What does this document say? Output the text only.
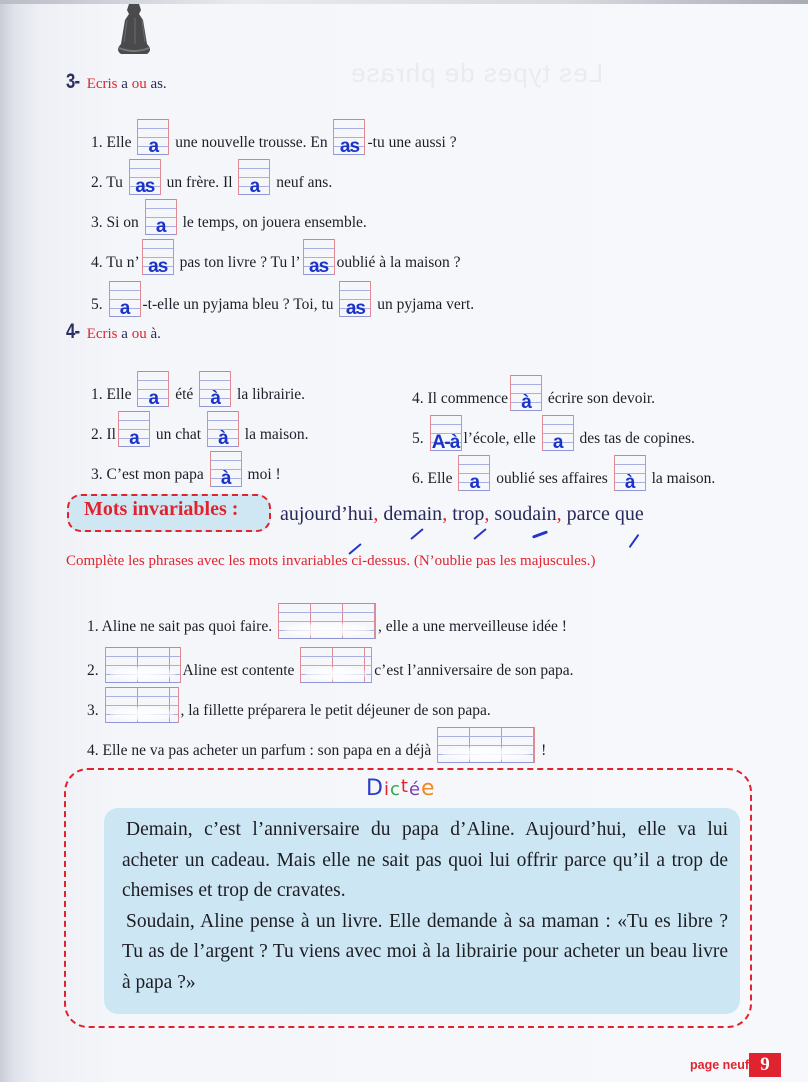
Les types de phrase
3- Ecris a ou as.
1. Elle a	une nouvelle trousse. En as -tu une aussi ?
2. Tu as un frère. Il a	neuf ans.
3. Si on a	le temps, on jouera ensemble.
4. Tu n’ as pas ton livre ? Tu l’ as oublié à la maison ?
5. a -t-elle un pyjama bleu ? Toi, tu as un pyjama vert.
4- Ecris a ou à.
1. Elle a	été à	la librairie.
2. Il a	un chat à	la maison.
3. C’est mon papa à	moi !
4. Il commence à	écrire son devoir.
5. A-à l’école, elle a	des tas de copines.
6. Elle a	oublié ses affaires à	la maison.
Mots invariables : aujourd’hui, demain, trop, soudain, parce que
Complète les phrases avec les mots invariables ci-dessus. (N’oublie pas les majuscules.)
1. Aline ne sait pas quoi faire.	, elle a une merveilleuse idée !
2.	Aline est contente	c’est l’anniversaire de son papa.
3.	, la fillette préparera le petit déjeuner de son papa.
4. Elle ne va pas acheter un parfum : son papa en a déjà	!
Dictée

Demain, c’est l’anniversaire du papa d’Aline. Aujourd’hui, elle va lui acheter un cadeau. Mais elle ne sait pas quoi lui offrir parce qu’il a trop de chemises et trop de cravates.

Soudain, Aline pense à un livre. Elle demande à sa maman : «Tu es libre ? Tu as de l’argent ? Tu viens avec moi à la librairie pour acheter un beau livre à papa ?»

page neuf 9
